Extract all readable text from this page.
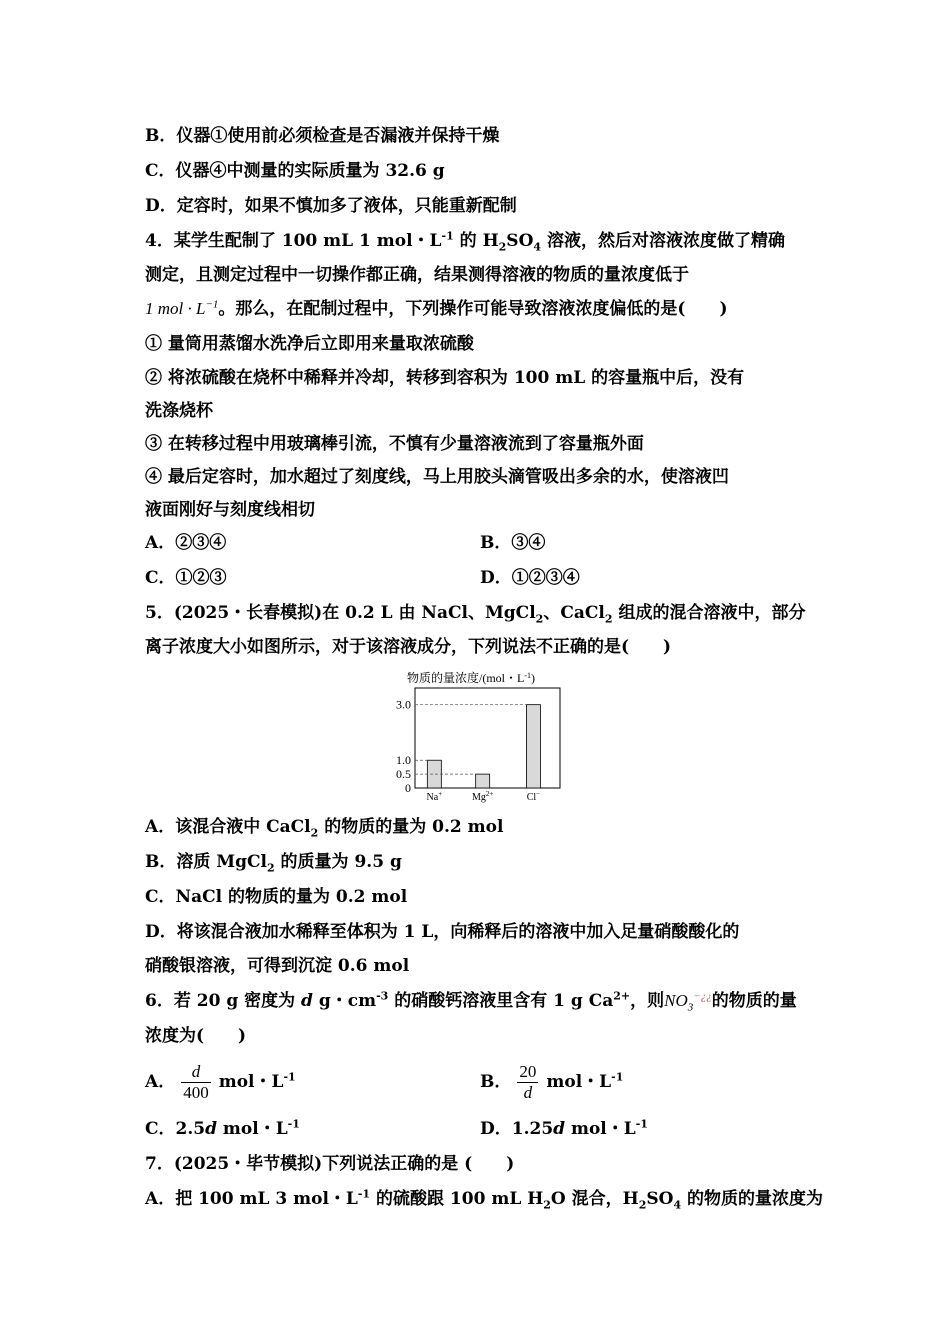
B．仪器①使用前必须检查是否漏液并保持干燥
C．仪器④中测量的实际质量为 32.6 g
D．定容时，如果不慎加多了液体，只能重新配制
4．某学生配制了 100 mL 1 mol・$L^{-1}$ 的 $H_2SO_4$ 溶液，然后对溶液浓度做了精确
测定，且测定过程中一切操作都正确，结果测得溶液的物质的量浓度低于
1 mol · $L^{-1}$。那么，在配制过程中，下列操作可能导致溶液浓度偏低的是(　　)
① 量筒用蒸馏水洗净后立即用来量取浓硫酸
② 将浓硫酸在烧杯中稀释并冷却，转移到容积为 100 mL 的容量瓶中后，没有
洗涤烧杯
③ 在转移过程中用玻璃棒引流，不慎有少量溶液流到了容量瓶外面
④ 最后定容时，加水超过了刻度线，马上用胶头滴管吸出多余的水，使溶液凹
液面刚好与刻度线相切
A．②③④	B．③④
C．①②③	D．①②③④
5．(2025・长春模拟)在 0.2 L 由 NaCl、MgCl$_2$、CaCl$_2$ 组成的混合溶液中，部分
离子浓度大小如图所示，对于该溶液成分，下列说法不正确的是(　　)
物质的量浓度/(mol・$L^{-1}$)
3.0
1.0
0.5
0
Na+	$Mg^{2+}$	Cl−
A．该混合液中 CaCl$_2$ 的物质的量为 0.2 mol
B．溶质 MgCl$_2$ 的质量为 9.5 g
C．NaCl 的物质的量为 0.2 mol
D．将该混合液加水稀释至体积为 1 L，向稀释后的溶液中加入足量硝酸酸化的
硝酸银溶液，可得到沉淀 0.6 mol
6．若 20 g 密度为 d g・$cm^{-3}$ 的硝酸钙溶液里含有 1 g $Ca^{2+}$，则$NO_3^{-¿¿}$的物质的量
浓度为(　　)
A． $\frac{d}{400}$ mol・$L^{-1}$	B． $\frac{20}{d}$ mol・$L^{-1}$
C．2.5d mol・$L^{-1}$	D．1.25d mol・$L^{-1}$
7．(2025・毕节模拟)下列说法正确的是 (　　)
A．把 100 mL 3 mol・$L^{-1}$ 的硫酸跟 100 mL $H_2O$ 混合，$H_2SO_4$ 的物质的量浓度为
